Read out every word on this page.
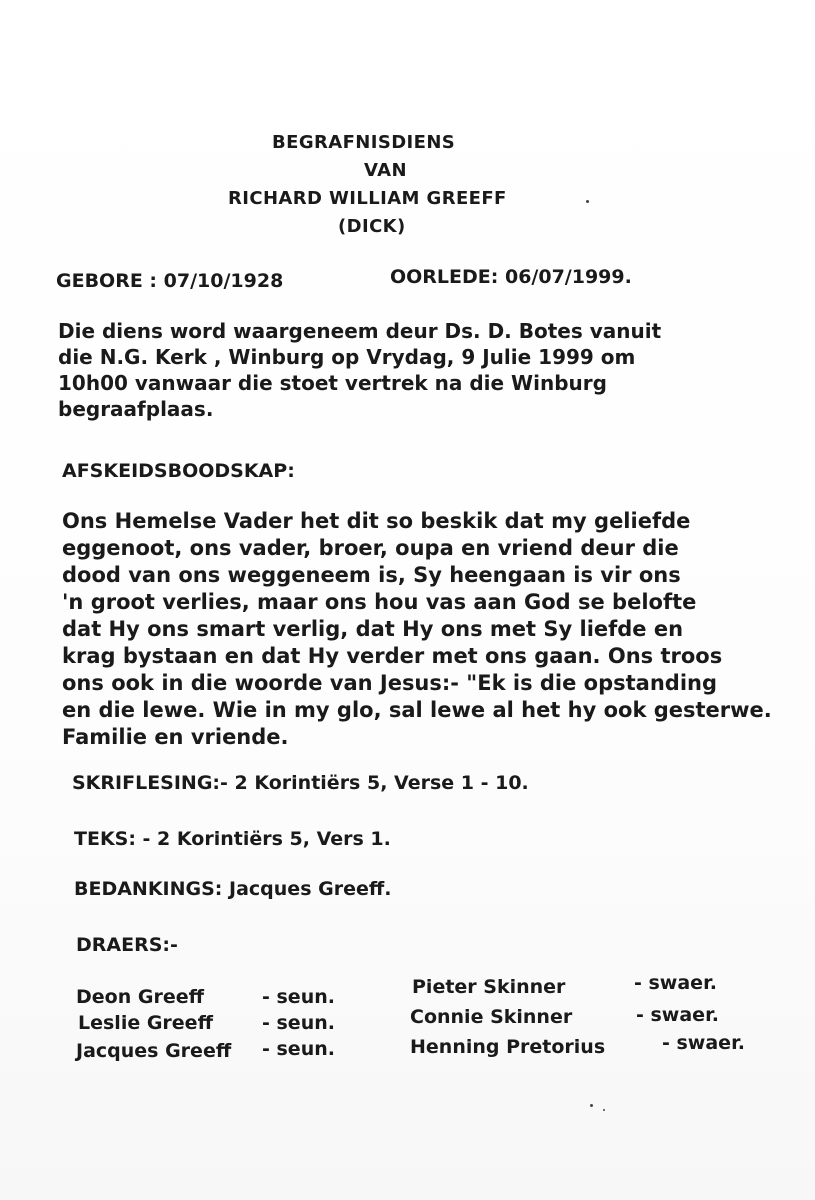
BEGRAFNISDIENS
VAN
RICHARD WILLIAM GREEFF
(DICK)
GEBORE : 07/10/1928	OORLEDE: 06/07/1999.
Die diens word waargeneem deur Ds. D. Botes vanuit
die N.G. Kerk , Winburg op Vrydag, 9 Julie 1999 om
10h00 vanwaar die stoet vertrek na die Winburg
begraafplaas.
AFSKEIDSBOODSKAP:
Ons Hemelse Vader het dit so beskik dat my geliefde
eggenoot, ons vader, broer, oupa en vriend deur die
dood van ons weggeneem is, Sy heengaan is vir ons
'n groot verlies, maar ons hou vas aan God se belofte
dat Hy ons smart verlig, dat Hy ons met Sy liefde en
krag bystaan en dat Hy verder met ons gaan. Ons troos
ons ook in die woorde van Jesus:- "Ek is die opstanding
en die lewe. Wie in my glo, sal lewe al het hy ook gesterwe.
Familie en vriende.
SKRIFLESING:- 2 Korintiërs 5, Verse 1 - 10.
TEKS: - 2 Korintiërs 5, Vers 1.
BEDANKINGS: Jacques Greeff.
DRAERS:-
Deon Greeff	- seun.
Leslie Greeff	- seun.
Jacques Greeff - seun.
Pieter Skinner	- swaer.
Connie Skinner	- swaer.
Henning Pretorius	- swaer.
